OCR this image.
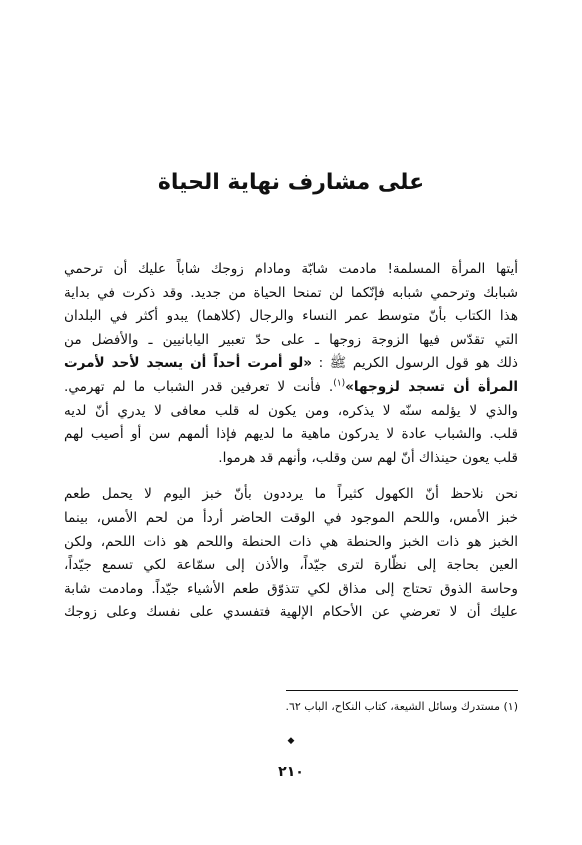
على مشارف نهاية الحياة

أيتها المرأة المسلمة! مادمت شابّة ومادام زوجك شاباً عليك أن ترحمي
شبابك وترحمي شبابه فإنّكما لن تمنحا الحياة من جديد. وقد ذكرت في بداية
هذا الكتاب بأنّ متوسط عمر النساء والرجال (كلاهما) يبدو أكثر في البلدان
التي تقدّس فيها الزوجة زوجها ـ على حدّ تعبير اليابانيين ـ والأفضل من
ذلك هو قول الرسول الكريم ﷺ : «لو أمرت أحداً أن يسجد لأحد لأمرت
المرأة أن تسجد لزوجها»$^{(١)}$. فأنت لا تعرفين قدر الشباب ما لم تهرمي.
والذي لا يؤلمه سنّه لا يذكره، ومن يكون له قلب معافى لا يدري أنّ لديه
قلب. والشباب عادة لا يدركون ماهية ما لديهم فإذا ألمهم سن أو أصيب لهم
قلب يعون حينذاك أنّ لهم سن وقلب، وأنهم قد هرموا.

نحن نلاحظ أنّ الكهول كثيراً ما يرددون بأنّ خبز اليوم لا يحمل طعم
خبز الأمس، واللحم الموجود في الوقت الحاضر أردأ من لحم الأمس، بينما
الخبز هو ذات الخبز والحنطة هي ذات الحنطة واللحم هو ذات اللحم، ولكن
العين بحاجة إلى نظّارة لترى جيّداً، والأذن إلى سمّاعة لكي تسمع جيّداً،
وحاسة الذوق تحتاج إلى مذاق لكي تتذوّق طعم الأشياء جيّداً. ومادمت شابة
عليك أن لا تعرضي عن الأحكام الإلهية فتفسدي على نفسك وعلى زوجك

(١) مستدرك وسائل الشيعة، كتاب النكاح، الباب ٦٢.

◆
٢١٠
